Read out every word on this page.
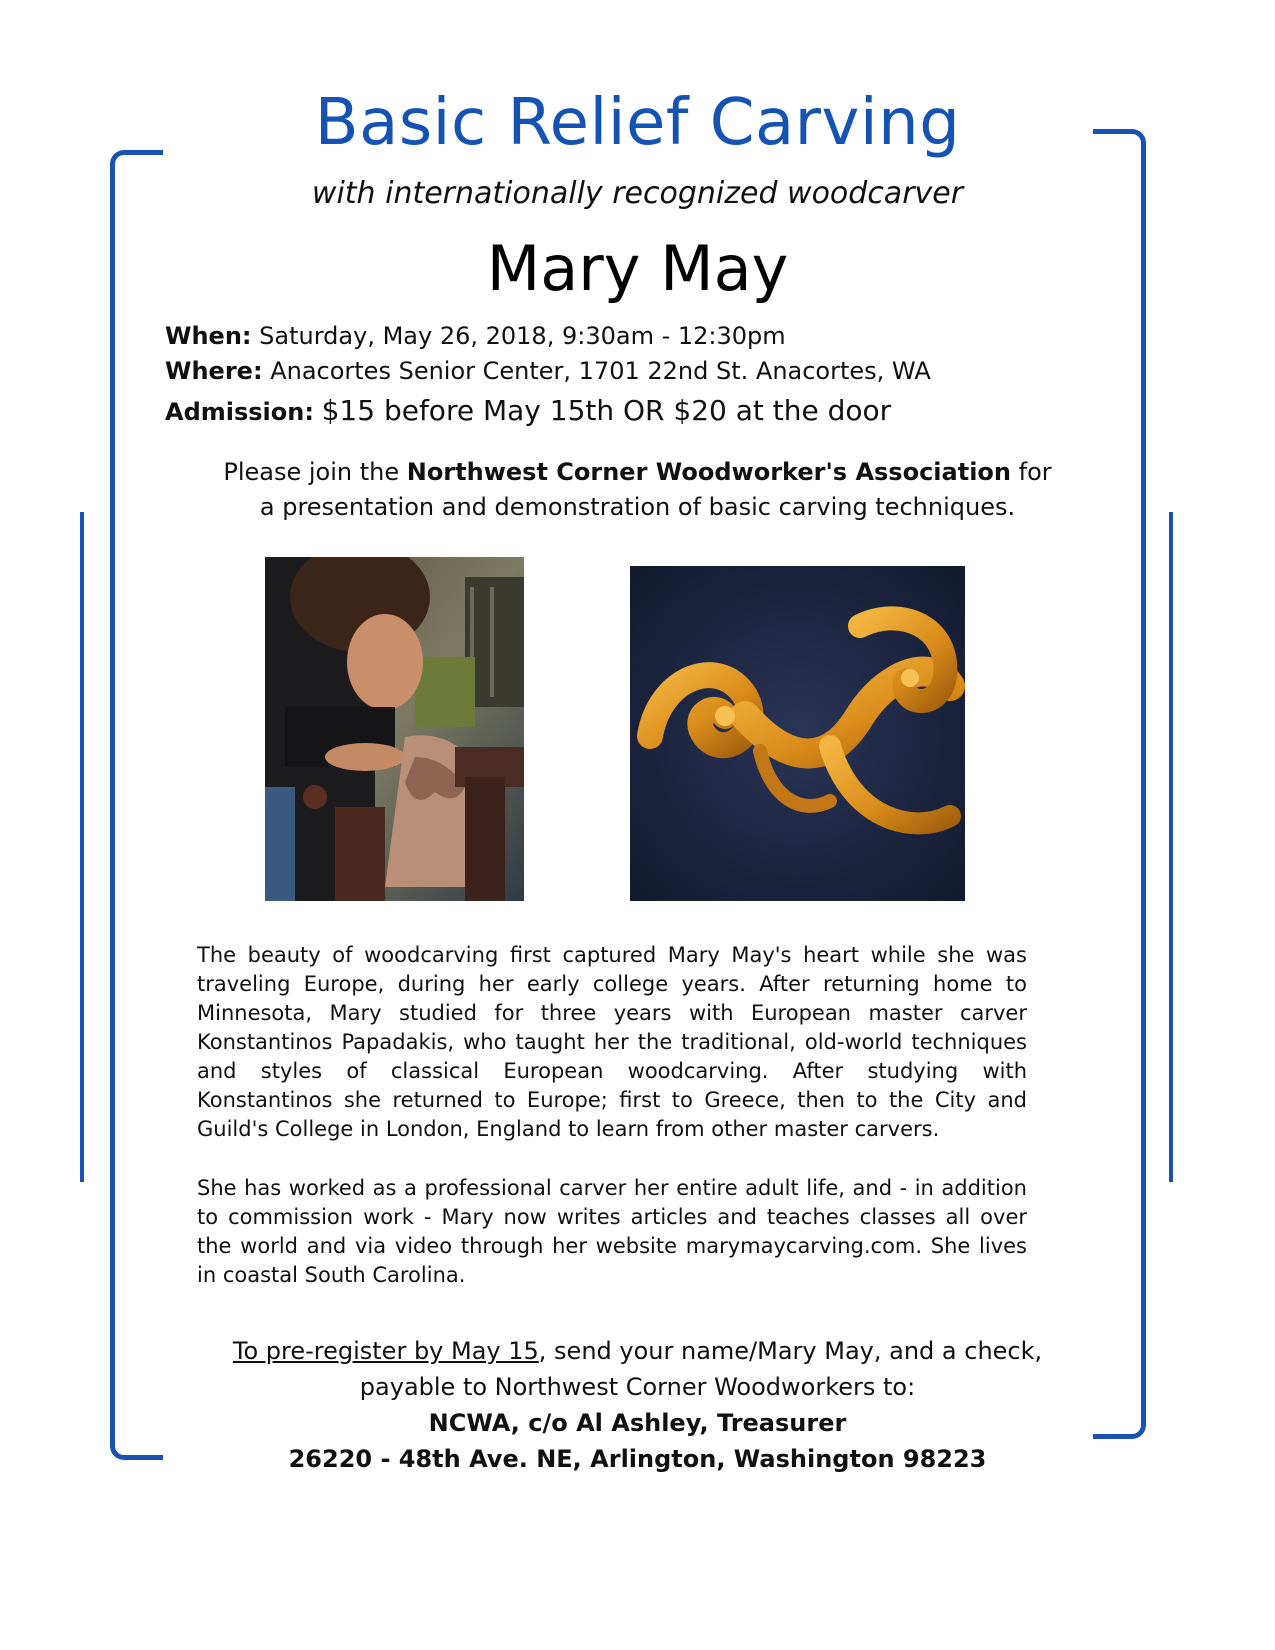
Basic Relief Carving
with internationally recognized woodcarver
Mary May
When: Saturday, May 26, 2018, 9:30am - 12:30pm
Where: Anacortes Senior Center, 1701 22nd St. Anacortes, WA
Admission: $15 before May 15th OR $20 at the door
Please join the Northwest Corner Woodworker's Association for
a presentation and demonstration of basic carving techniques.
The beauty of woodcarving first captured Mary May's heart while she was traveling Europe, during her early college years. After returning home to Minnesota, Mary studied for three years with European master carver Konstantinos Papadakis, who taught her the traditional, old-world techniques and styles of classical European woodcarving. After studying with Konstantinos she returned to Europe; first to Greece, then to the City and Guild's College in London, England to learn from other master carvers.
She has worked as a professional carver her entire adult life, and - in addition to commission work - Mary now writes articles and teaches classes all over the world and via video through her website marymaycarving.com. She lives in coastal South Carolina.
To pre-register by May 15, send your name/Mary May, and a check,
payable to Northwest Corner Woodworkers to:
NCWA, c/o Al Ashley, Treasurer
26220 - 48th Ave. NE, Arlington, Washington 98223
